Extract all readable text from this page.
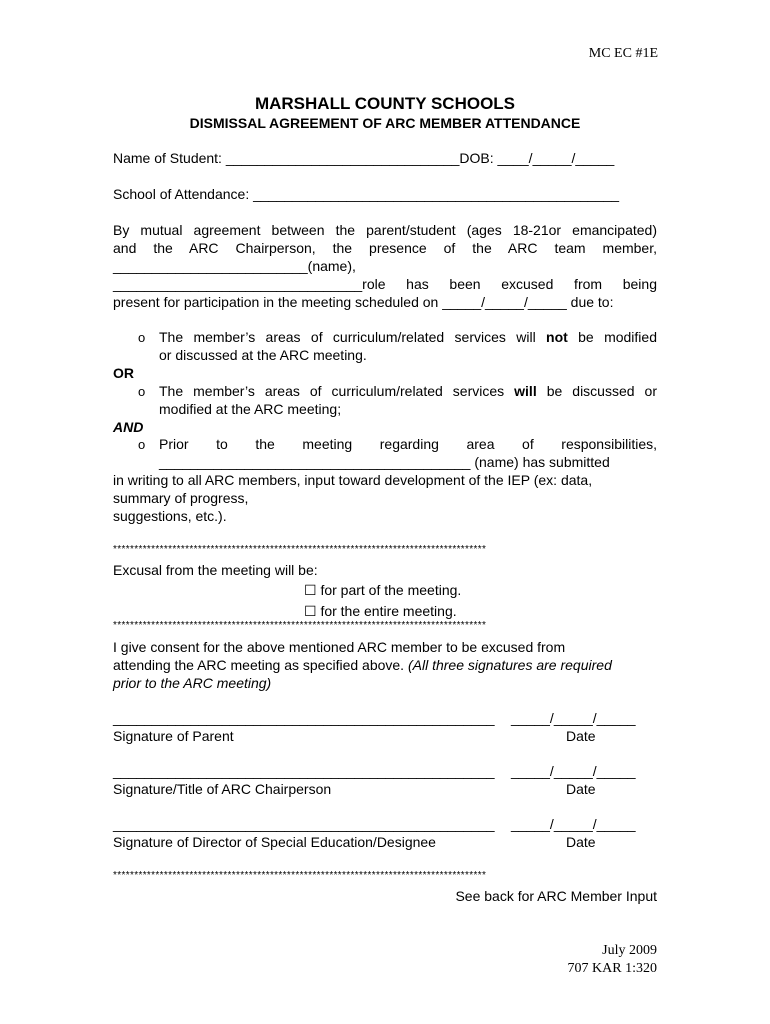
MC EC #1E
MARSHALL COUNTY SCHOOLS
DISMISSAL AGREEMENT OF ARC MEMBER ATTENDANCE
Name of Student: ______________________________DOB: ____/_____/_____
School of Attendance: _______________________________________________
By mutual agreement between the parent/student (ages 18-21or emancipated)
and the ARC Chairperson, the presence of the ARC team member,
_________________________(name),
________________________________role has been excused from being
present for participation in the meeting scheduled on _____/_____/_____ due to:
o The member’s areas of curriculum/related services will not be modified
or discussed at the ARC meeting.
OR
o The member’s areas of curriculum/related services will be discussed or
modified at the ARC meeting;
AND
o Prior to the meeting regarding area of responsibilities,
________________________________________ (name) has submitted
in writing to all ARC members, input toward development of the IEP (ex: data,
summary of progress,
suggestions, etc.).
****************************************************************************************
Excusal from the meeting will be:
☐ for part of the meeting.
☐ for the entire meeting.
****************************************************************************************
I give consent for the above mentioned ARC member to be excused from
attending the ARC meeting as specified above. (All three signatures are required
prior to the ARC meeting)
_________________________________________________ _____/_____/_____
Signature of Parent	Date
_________________________________________________ _____/_____/_____
Signature/Title of ARC Chairperson	Date
_________________________________________________ _____/_____/_____
Signature of Director of Special Education/Designee	Date
****************************************************************************************
See back for ARC Member Input
July 2009
707 KAR 1:320
